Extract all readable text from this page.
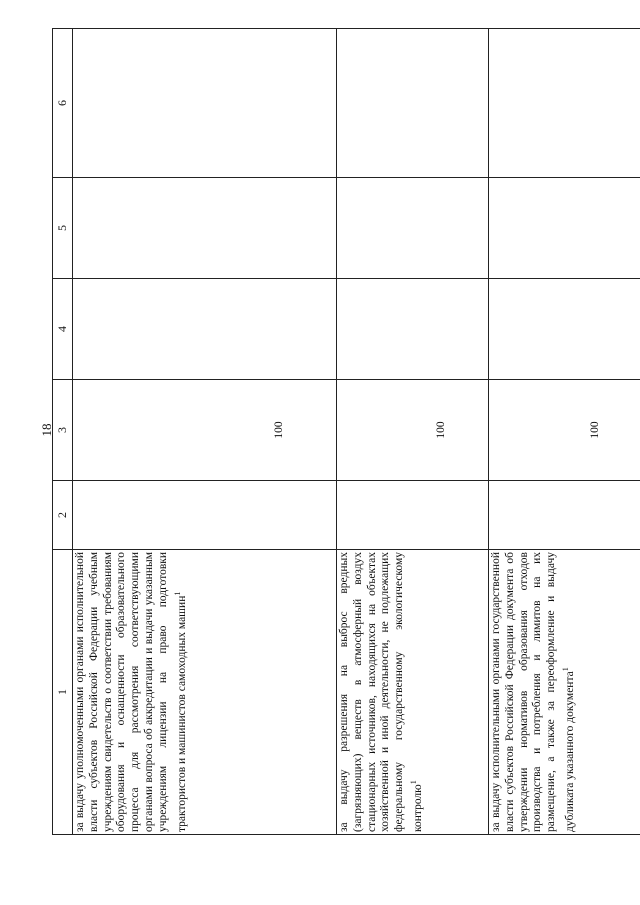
18
1	2	3	4	5	6
за выдачу уполномоченными органами исполнительной власти субъектов Российской Федерации учебным учреждениям свидетельств о соответствии требованиям оборудования и оснащенности образовательного процесса для рассмотрения соответствующими органами вопроса об аккредитации и выдачи указанным учреждениям лицензии на право подготовки трактористов и машинистов самоходных машин$^1$		100			

за выдачу разрешения на выброс вредных (загрязняющих) веществ в атмосферный воздух стационарных источников, находящихся на объектах хозяйственной и иной деятельности, не подлежащих федеральному государственному экологическому контролю$^1$		100			

за выдачу исполнительными органами государственной власти субъектов Российской Федерации документа об утверждении нормативов образования отходов производства и потребления и лимитов на их размещение, а также за переоформление и выдачу дубликата указанного документа$^1$		100			
